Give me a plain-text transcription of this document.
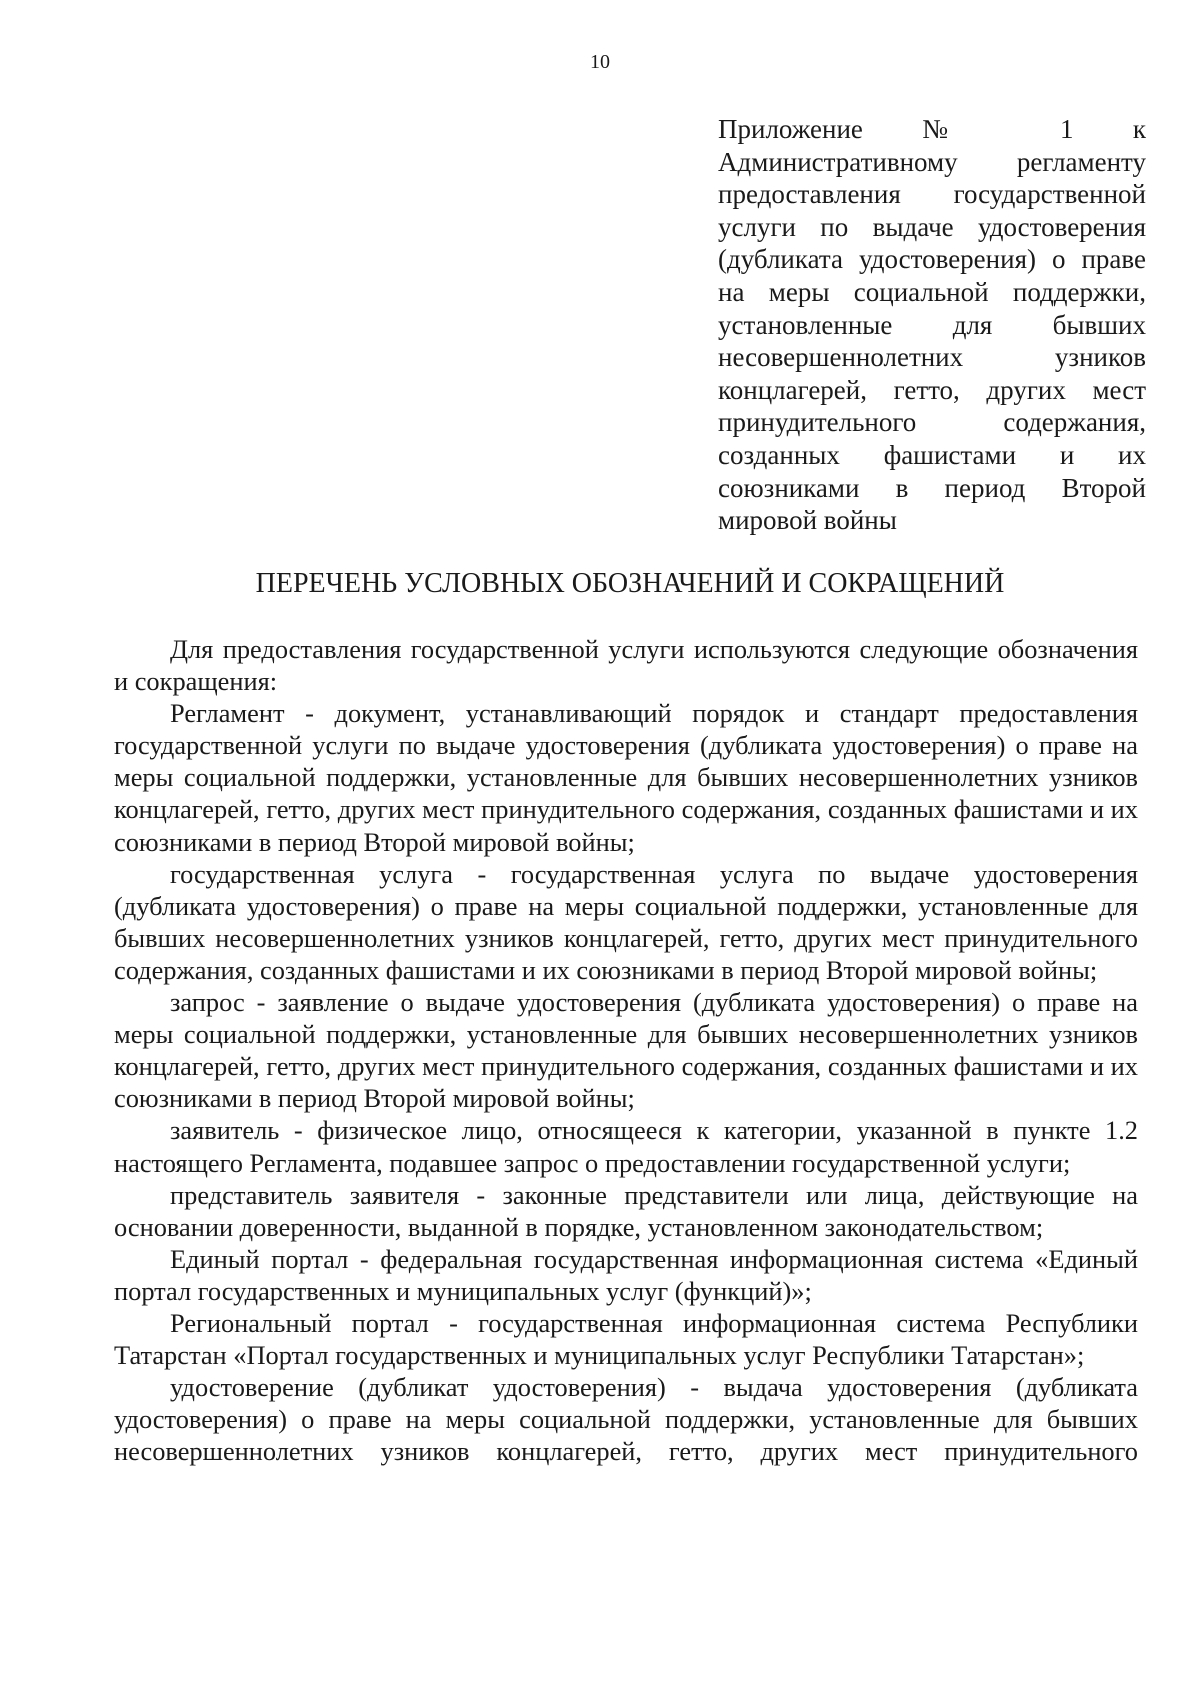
10
Приложение № 1 к Административному регламенту предоставления государственной услуги по выдаче удостоверения (дубликата удостоверения) о праве на меры социальной поддержки, установленные для бывших несовершеннолетних узников концлагерей, гетто, других мест принудительного содержания, созданных фашистами и их союзниками в период Второй мировой войны
ПЕРЕЧЕНЬ УСЛОВНЫХ ОБОЗНАЧЕНИЙ И СОКРАЩЕНИЙ

Для предоставления государственной услуги используются следующие обозначения и сокращения:

Регламент - документ, устанавливающий порядок и стандарт предоставления государственной услуги по выдаче удостоверения (дубликата удостоверения) о праве на меры социальной поддержки, установленные для бывших несовершеннолетних узников концлагерей, гетто, других мест принудительного содержания, созданных фашистами и их союзниками в период Второй мировой войны;

государственная услуга - государственная услуга по выдаче удостоверения (дубликата удостоверения) о праве на меры социальной поддержки, установленные для бывших несовершеннолетних узников концлагерей, гетто, других мест принудительного содержания, созданных фашистами и их союзниками в период Второй мировой войны;

запрос - заявление о выдаче удостоверения (дубликата удостоверения) о праве на меры социальной поддержки, установленные для бывших несовершеннолетних узников концлагерей, гетто, других мест принудительного содержания, созданных фашистами и их союзниками в период Второй мировой войны;

заявитель - физическое лицо, относящееся к категории, указанной в пункте 1.2 настоящего Регламента, подавшее запрос о предоставлении государственной услуги;

представитель заявителя - законные представители или лица, действующие на основании доверенности, выданной в порядке, установленном законодательством;

Единый портал - федеральная государственная информационная система «Единый портал государственных и муниципальных услуг (функций)»;

Региональный портал - государственная информационная система Республики Татарстан «Портал государственных и муниципальных услуг Республики Татарстан»;

удостоверение (дубликат удостоверения) - выдача удостоверения (дубликата удостоверения) о праве на меры социальной поддержки, установленные для бывших несовершеннолетних узников концлагерей, гетто, других мест принудительного
